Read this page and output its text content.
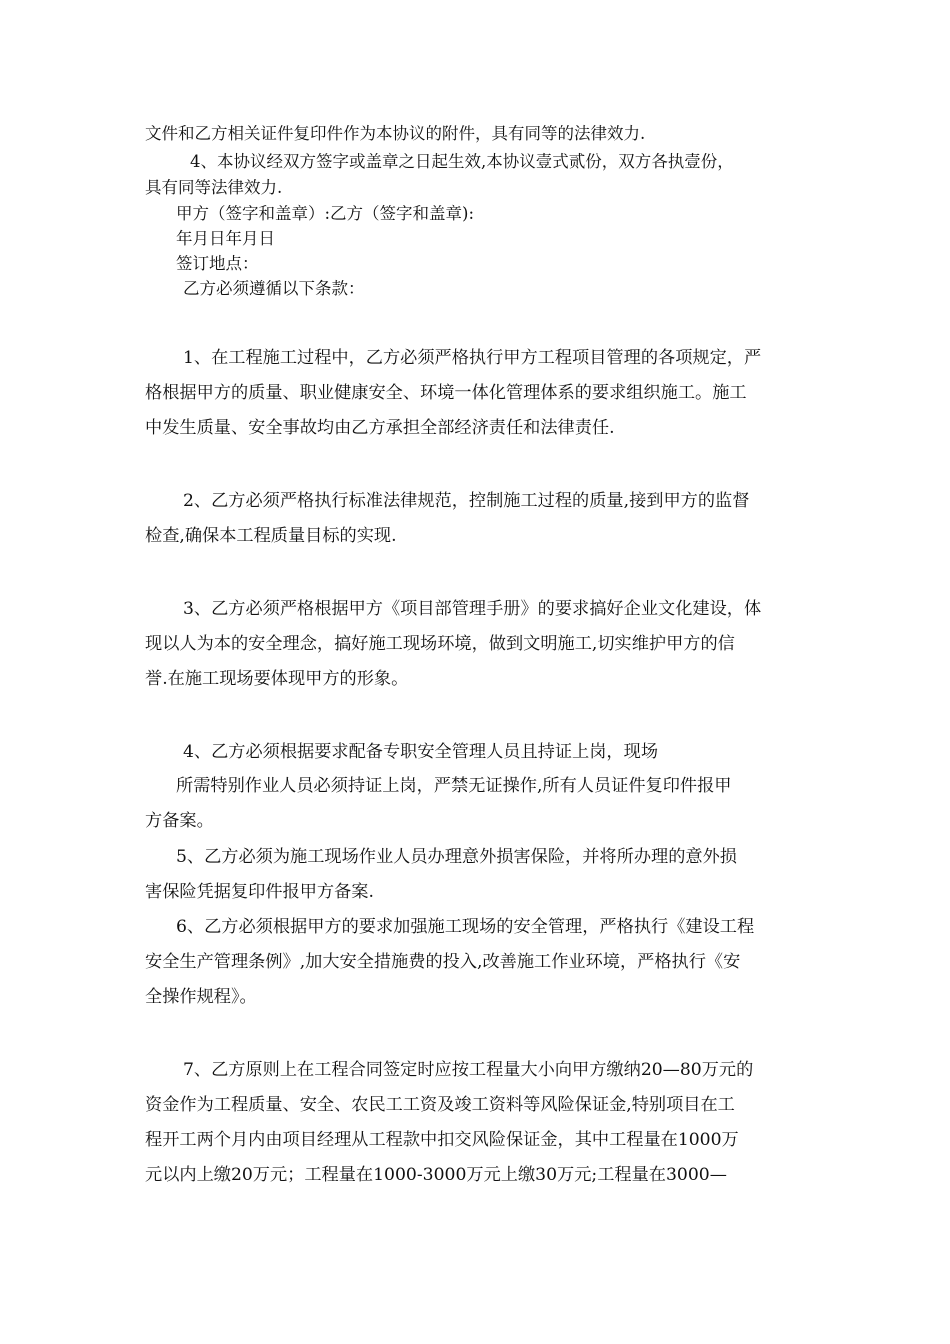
文件和乙方相关证件复印件作为本协议的附件，具有同等的法律效力.
4、本协议经双方签字或盖章之日起生效,本协议壹式贰份，双方各执壹份，
具有同等法律效力.
甲方（签字和盖章）:乙方（签字和盖章):
年月日年月日
签订地点：
乙方必须遵循以下条款：
1、在工程施工过程中，乙方必须严格执行甲方工程项目管理的各项规定，严
格根据甲方的质量、职业健康安全、环境一体化管理体系的要求组织施工。施工
中发生质量、安全事故均由乙方承担全部经济责任和法律责任.
2、乙方必须严格执行标准法律规范，控制施工过程的质量,接到甲方的监督
检查,确保本工程质量目标的实现.
3、乙方必须严格根据甲方《项目部管理手册》的要求搞好企业文化建设，体
现以人为本的安全理念，搞好施工现场环境，做到文明施工,切实维护甲方的信
誉.在施工现场要体现甲方的形象。
4、乙方必须根据要求配备专职安全管理人员且持证上岗，现场
所需特别作业人员必须持证上岗，严禁无证操作,所有人员证件复印件报甲
方备案。
5、乙方必须为施工现场作业人员办理意外损害保险，并将所办理的意外损
害保险凭据复印件报甲方备案.
6、乙方必须根据甲方的要求加强施工现场的安全管理，严格执行《建设工程
安全生产管理条例》,加大安全措施费的投入,改善施工作业环境，严格执行《安
全操作规程》。
7、乙方原则上在工程合同签定时应按工程量大小向甲方缴纳20—80万元的
资金作为工程质量、安全、农民工工资及竣工资料等风险保证金,特别项目在工
程开工两个月内由项目经理从工程款中扣交风险保证金，其中工程量在1000万
元以内上缴20万元；工程量在1000-3000万元上缴30万元;工程量在3000—
